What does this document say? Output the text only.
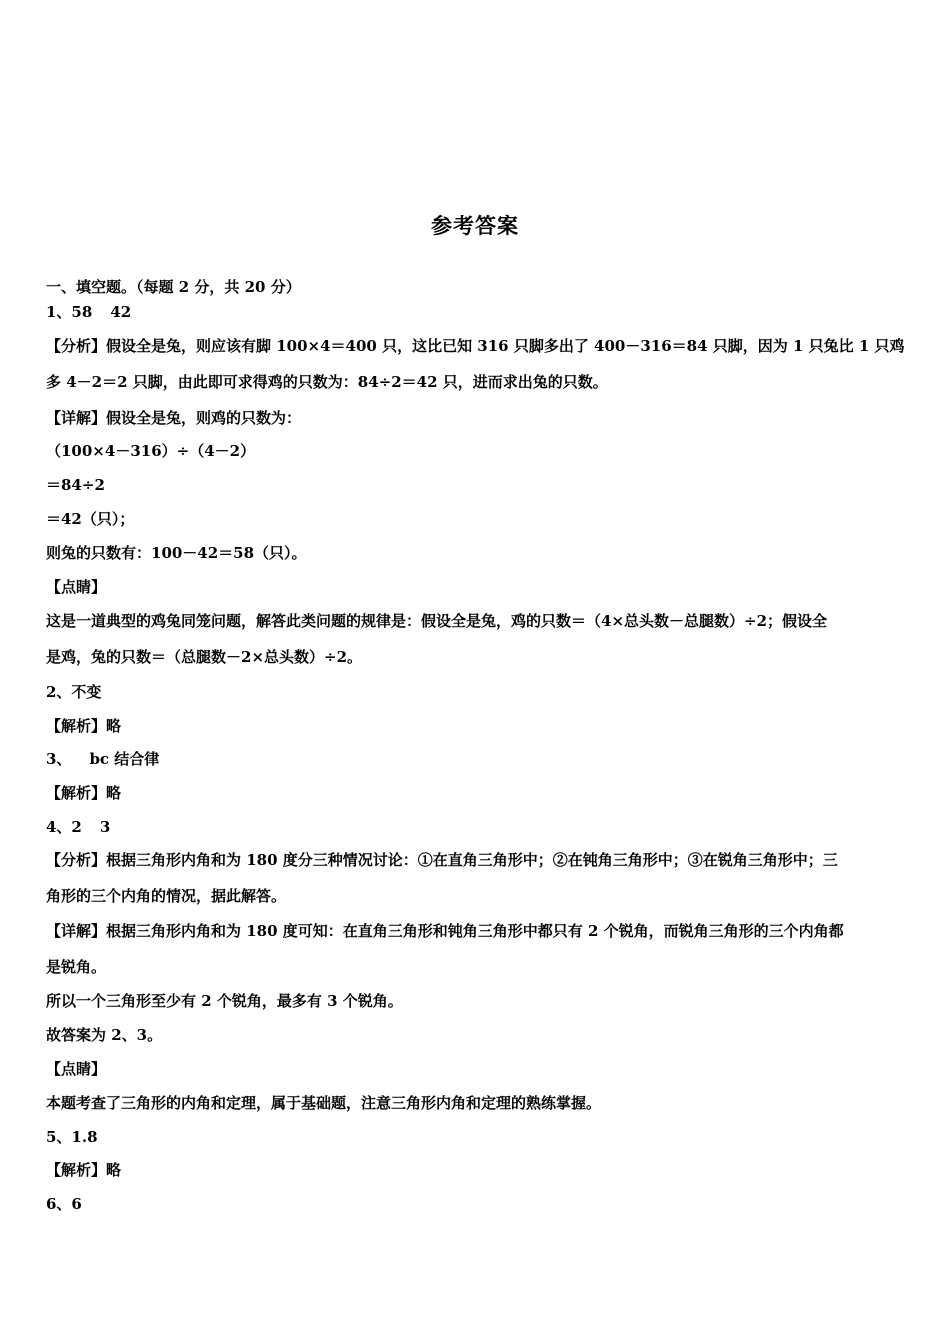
参考答案
一、填空题。（每题 2 分，共 20 分）
1、58 42
【分析】假设全是兔，则应该有脚 100×4＝400 只，这比已知 316 只脚多出了 400－316＝84 只脚，因为 1 只兔比 1 只鸡
多 4－2＝2 只脚，由此即可求得鸡的只数为：84÷2＝42 只，进而求出兔的只数。
【详解】假设全是兔，则鸡的只数为：
（100×4－316）÷（4－2）
＝84÷2
＝42（只）；
则兔的只数有：100－42＝58（只）。
【点睛】
这是一道典型的鸡兔同笼问题，解答此类问题的规律是：假设全是兔，鸡的只数＝（4×总头数－总腿数）÷2；假设全
是鸡，兔的只数＝（总腿数－2×总头数）÷2。
2、不变
【解析】略
3、 bc 结合律
【解析】略
4、2 3
【分析】根据三角形内角和为 180 度分三种情况讨论：①在直角三角形中；②在钝角三角形中；③在锐角三角形中；三
角形的三个内角的情况，据此解答。
【详解】根据三角形内角和为 180 度可知：在直角三角形和钝角三角形中都只有 2 个锐角，而锐角三角形的三个内角都
是锐角。
所以一个三角形至少有 2 个锐角，最多有 3 个锐角。
故答案为 2、3。
【点睛】
本题考查了三角形的内角和定理，属于基础题，注意三角形内角和定理的熟练掌握。
5、1.8
【解析】略
6、6
